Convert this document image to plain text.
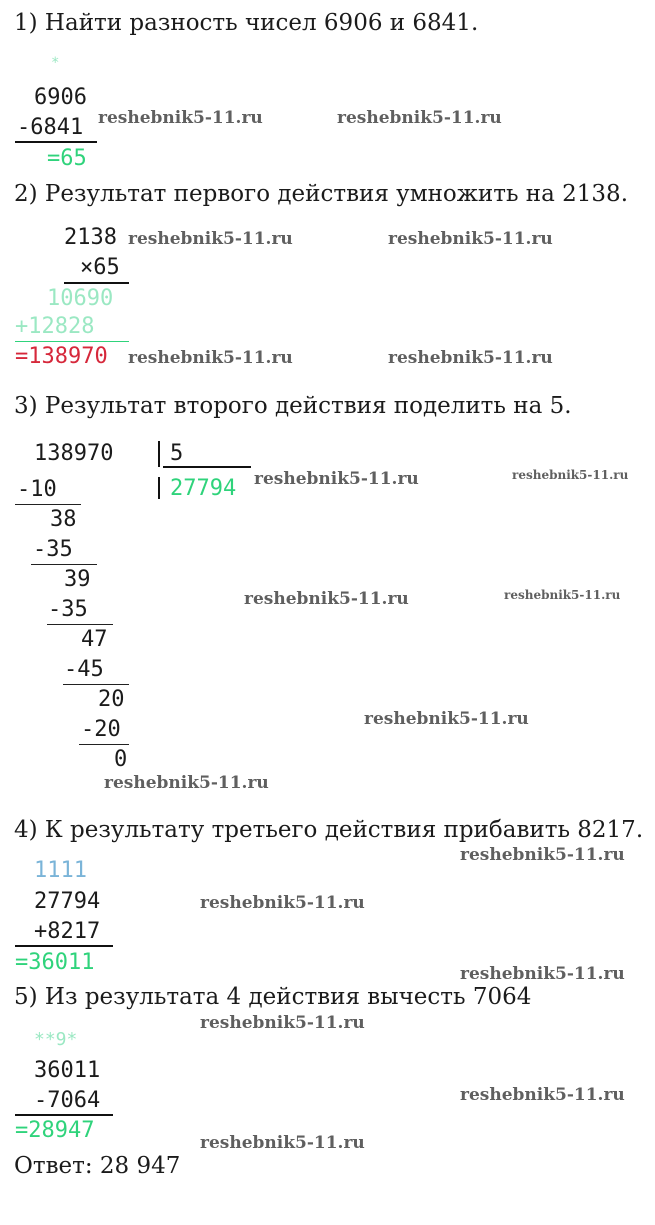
1) Найти разность чисел 6906 и 6841.
*
6906
-6841
=65
2) Результат первого действия умножить на 2138.
2138
×65
10690
+12828
=138970
3) Результат второго действия поделить на 5.
138970	5
27794
-10
38
-35
39
-35
47
-45
20
-20
0
4) К результату третьего действия прибавить 8217.
1111
27794
+8217
=36011
5) Из результата 4 действия вычесть 7064
**9*
36011
-7064
=28947
Ответ: 28 947
reshebnik5-11.ru	reshebnik5-11.ru
reshebnik5-11.ru	reshebnik5-11.ru
reshebnik5-11.ru	reshebnik5-11.ru
reshebnik5-11.ru	reshebnik5-11.ru
reshebnik5-11.ru	reshebnik5-11.ru
reshebnik5-11.ru
reshebnik5-11.ru
reshebnik5-11.ru
reshebnik5-11.ru
reshebnik5-11.ru
reshebnik5-11.ru
reshebnik5-11.ru
reshebnik5-11.ru
